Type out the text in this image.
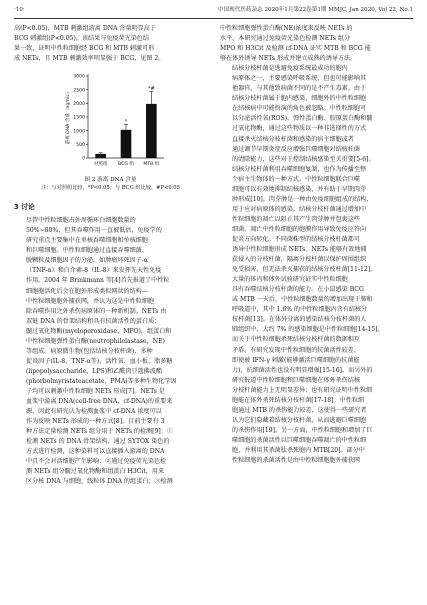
·10·	中国现代医药杂志 2020年1月第22卷第1期 MMJC, Jan 2020, Vol 22, No.1

高(P<0.05)，MTB 刺激组游离 DNA 含量明显高于
BCG 刺激组(P<0.05)。该结果与免疫荧光染色结
果一致，证明中性粒细胞经 BCG 和 MTB 刺激可形
成 NETs，且 MTB 刺激效率明显强于 BCG，见图 2。

0
500
1000
1500
2000
2500
3000
游离 DNA 含量（ng/mL）
对照组
*
BCG 组
*#
MTB 组
图 2 游离 DNA 含量
注：与对照组比较，*P<0.05；与 BCG 组比较，#P<0.05
3 讨论

尽管中性粒细胞占外周循环白细胞数量的
50%~80%，但其吞噬作用一直被低估，免疫学的
研究重点主要集中在单核吞噬细胞和单核细胞
和巨噬细胞。中性粒细胞通过直接吞噬细菌、
脱颗粒及细胞因子的分泌，如肿瘤坏死因子-α
（TNF-α）和白介素-8（IL-8）来发挥先天性免疫
作用。2004 年 Brinkmann 等[4]首先报道了中性粒
细胞胞活化后会在胞外形成类似网状的结构—
中性粒细胞胞外捕获网，并认为这是中性粒细胞
除吞噬作用之外杀伤病原体的一种新机制。NETs 由
双链 DNA 的骨架结构和具有抗菌活性的蛋白质：
髓过氧化物酶(myeloperoxidase，MPO)，组蛋白和
中性粒细胞弹性蛋白酶(neutrophilelastase，NE)
等组成。病原微生物(包括结核分枝杆菌)、多种
促炎因子(IL-8、TNF-α等)、活性氧、血小板、脂多糖
(lipopolysaccharide，LPS)和乙酰肉豆蔻佛波酯
(phorbolmyristateacetate，PMA)等多种生物化学因
子均可以刺激中性粒细胞 NETs 形成[7]。NETs 是
血浆中游离 DNA(cell-free DNA，cf-DNA)的重要来
源，因此有研究认为检测血浆中 cf-DNA 浓度可以
作为反映 NETs 形成的一种方式[8]。目前主要有 3
种方法定量检测 NETs 组分用于 NETs 的检测[9]：①
检测 NETs 的 DNA 骨架结构，通过 SYTOX 染色的
方式进行检测，这种染料可以直接插入游离的 DNA
中且不会对活细胞产生影响；②通过免疫荧光染色检
测 NETs 组分髓过氧化物酶和组蛋白 H3Cit，用来
区分核 DNA 与细胞，线粒体 DNA 的组蛋白；③检测

中性粒细胞弹性蛋白酶(NE)浓度来反映 NETs 的
水平。本研究通过免疫荧光染色检测 NETs 组分
MPO 和 H3Cit 及检测 cf-DNA 证实 MTB 和 BCG 能
够在体外诱导 NETs 形成并建立成熟的诱导方法。

结核分枝杆菌是逃避免疫系统最成功的胞内
病原体之一，主要感染呼吸系统，但也可能影响其
他器官，与其他致病菌不同的是不产生毒素。由于
结核分枝杆菌属于胞内感染，细胞外的中性粒细胞
在结核病中可能扮演的角色被忽略。中性粒细胞可
以分泌活性氧(ROS)、弹性蛋白酶、胶原蛋白酶和髓
过氧化物酶，通过这些物质以一种非选择性的方式
直接杀灭结核分枝杆菌和感染的宿主细胞或者
通过调节早期炎症反应增强巨噬细胞对结核杆菌
的清除能力，这些对于控制结核感染至关重要[5-6]。
结核分枝杆菌利用吞噬细胞复制，也作为传播至整
个宿主生物体的一种方式。中性粒细胞联合巨噬
细胞可以有效地抑制结核感染，并有助于早期肉芽
肿形成[10]。肉芽肿是一种由免疫细胞组成的结构，
用于应对病原体的感染。结核分枝杆菌通过增加中
性粒细胞的凋亡以阻止其产生肉芽肿并包裹这些
细菌，凋亡中性粒细胞的胞膜作用导致免疫应答向
促炎方向转化。不同菌株型的结核分枝杆菌都可
诱导中性粒细胞形成 NETs。NETs 能够有效地捕
获侵入的分枝杆菌，隔离分枝杆菌以保护周围组织
免受损害，但无法杀灭捕获的结核分枝杆菌[11-12]。

大量的体内和体外试验研究证实中性粒细胞
具有吞噬结核分枝杆菌的能力。在小鼠感染 BCG
或 MTB 一天后，中性粒细胞数量的增加出现于肺和
呼吸道中，其中 1.6% 的中性粒细胞内含有结核分
枝杆菌[13]。在体外分离的感染结核分枝杆菌的人
肺组织中，大约 7% 的感染细胞是中性粒细胞[14-15]。
而关于中性粒细胞杀死结核分枝杆菌的数据相互
矛盾。有研究发现中性粒细胞的抗菌活性较差，
即使被 IFN-γ 刺激(能够激活巨噬细胞的抗菌能
力)，抗细菌活性也没有明显增强[15-16]。而另外的
研究报道中性粒细胞和巨噬细胞在体外杀伤结核
分枝杆菌能力上无明显差异；也有研究证明中性粒细
胞能在体外杀死结核分枝杆菌[17-18]。中性粒细
胞通过 MTB 的杀伤能力较差，这使得一些研究者
认为它们隐藏着结核分枝杆菌，从而逃避巨噬细胞
的杀伤作用[19]。另一方面，中性粒细胞和增加了巨
噬细胞的杀菌活性以巨噬细胞吞噬凋亡的中性粒细
胞，并利用其杀菌肽杀死胞内 MTB[20]。部分中
性粒细胞的杀菌活性是由中性粒细胞胞外捕获网
